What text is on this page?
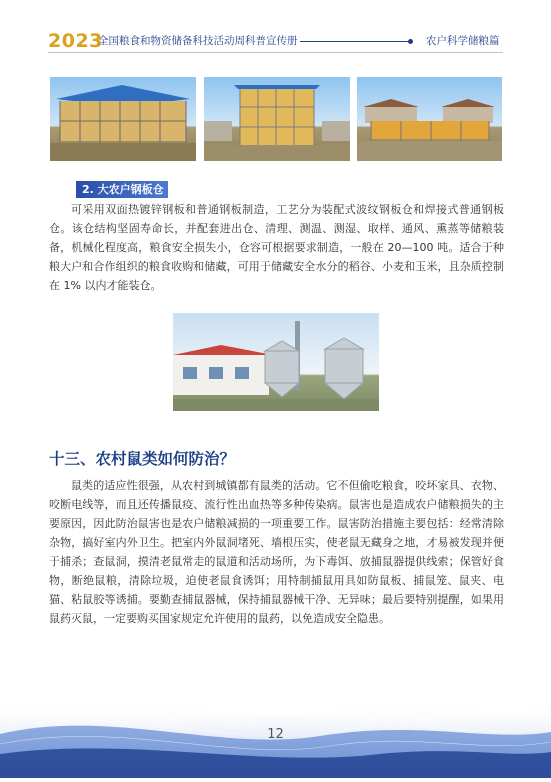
2023
全国粮食和物资储备科技活动周科普宣传册	农户科学储粮篇
2. 大农户钢板仓

可采用双面热镀锌钢板和普通钢板制造，工艺分为装配式波纹钢板仓和焊接式普通钢板仓。该仓结构坚固寿命长，并配套进出仓、清理、测温、测湿、取样、通风、熏蒸等储粮装备，机械化程度高，粮食安全损失小，仓容可根据要求制造，一般在 20—100 吨。适合于种粮大户和合作组织的粮食收购和储藏，可用于储藏安全水分的稻谷、小麦和玉米，且杂质控制在 1% 以内才能装仓。

十三、农村鼠类如何防治？

鼠类的适应性很强，从农村到城镇都有鼠类的活动。它不但偷吃粮食，咬坏家具、衣物、咬断电线等，而且还传播鼠疫、流行性出血热等多种传染病。鼠害也是造成农户储粮损失的主要原因，因此防治鼠害也是农户储粮减损的一项重要工作。鼠害防治措施主要包括：经常清除杂物，搞好室内外卫生。把室内外鼠洞堵死、墙根压实，使老鼠无藏身之地，才易被发现并便于捕杀；查鼠洞，摸清老鼠常走的鼠道和活动场所，为下毒饵、放捕鼠器提供线索；保管好食物，断绝鼠粮，清除垃圾，迫使老鼠食诱饵；用特制捕鼠用具如防鼠板、捕鼠笼、鼠夹、电猫、粘鼠胶等诱捕。要勤查捕鼠器械，保持捕鼠器械干净、无异味；最后要特别提醒，如果用鼠药灭鼠，一定要购买国家规定允许使用的鼠药，以免造成安全隐患。

12
